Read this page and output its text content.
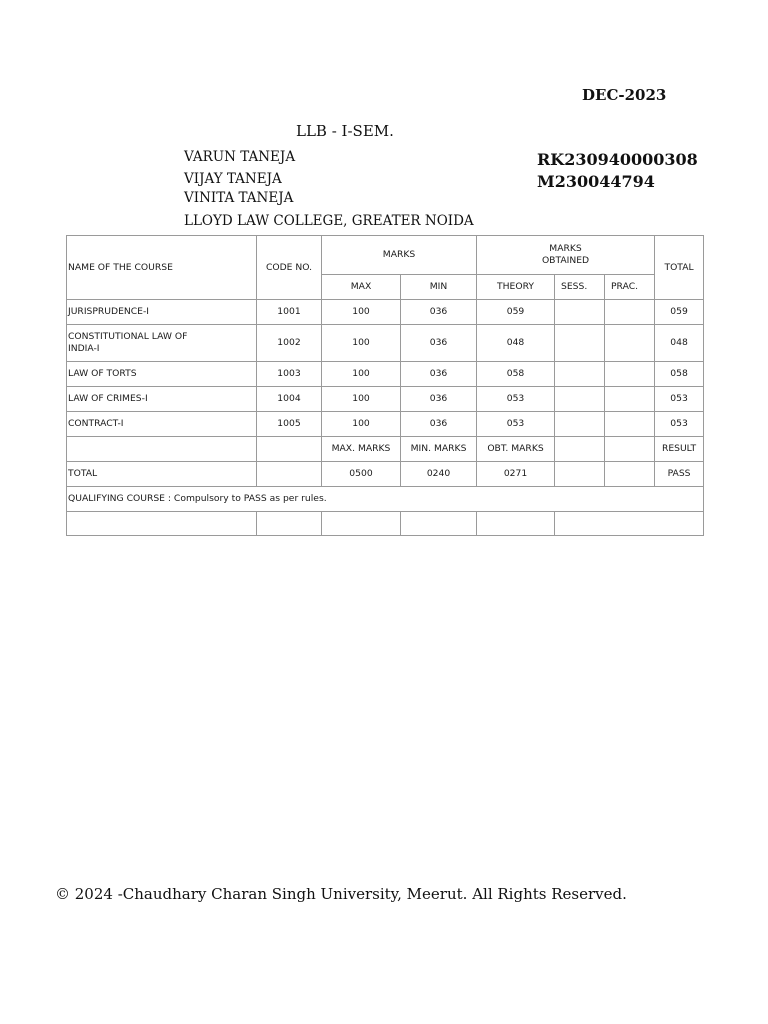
DEC-2023
LLB - I-SEM.
VARUN TANEJA
VIJAY TANEJA
VINITA TANEJA
LLOYD LAW COLLEGE, GREATER NOIDA
RK230940000308
M230044794
NAME OF THE COURSE	CODE NO.	MARKS		MARKS OBTAINED			TOTAL
		MAX	MIN	THEORY	SESS.	PRAC.	
JURISPRUDENCE-I	1001	100	036	059			059
CONSTITUTIONAL LAW OF INDIA-I	1002	100	036	048			048
LAW OF TORTS	1003	100	036	058			058
LAW OF CRIMES-I	1004	100	036	053			053
CONTRACT-I	1005	100	036	053			053
		MAX. MARKS	MIN. MARKS	OBT. MARKS			RESULT
TOTAL		0500	0240	0271			PASS
QUALIFYING COURSE : Compulsory to PASS as per rules.							

© 2024 -Chaudhary Charan Singh University, Meerut. All Rights Reserved.
